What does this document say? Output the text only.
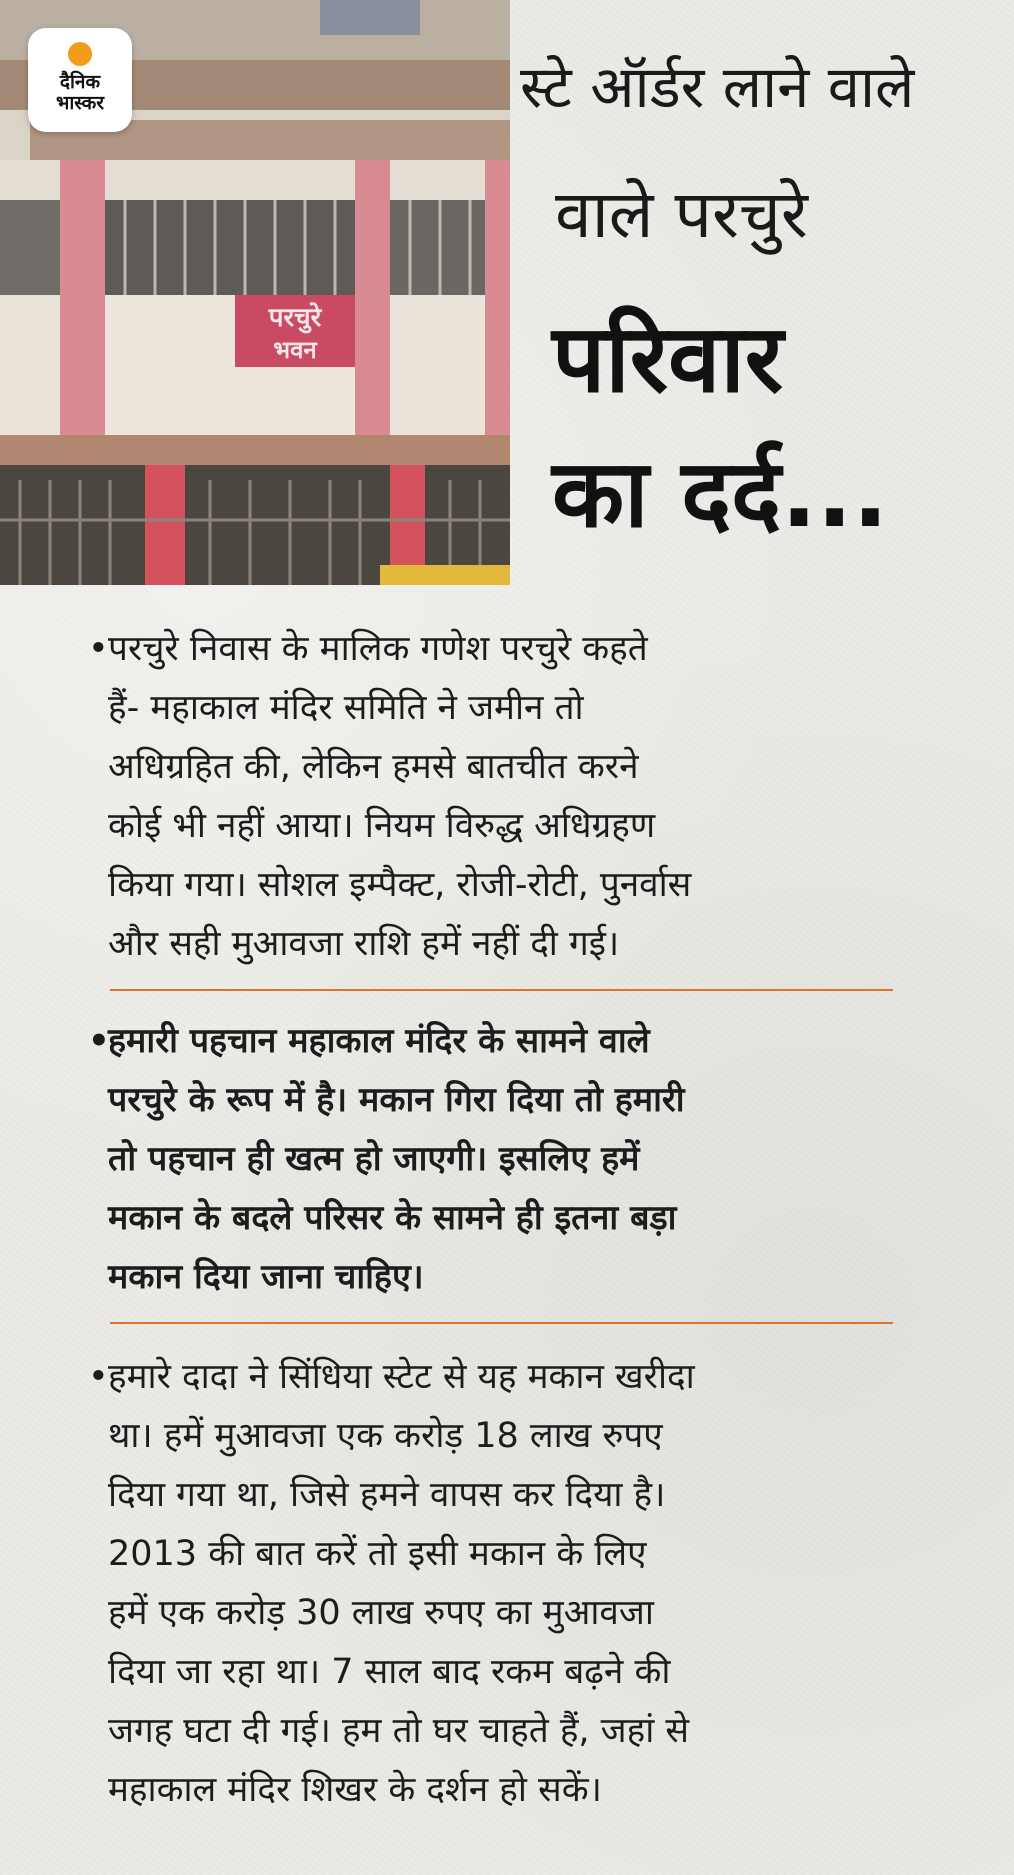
परचुरे
भवन
दैनिक
भास्कर	स्टे ऑर्डर लाने वाले
वाले परचुरे
परिवार
का दर्द...
• परचुरे निवास के मालिक गणेश परचुरे कहते
हैं- महाकाल मंदिर समिति ने जमीन तो
अधिग्रहित की, लेकिन हमसे बातचीत करने
कोई भी नहीं आया। नियम विरुद्ध अधिग्रहण
किया गया। सोशल इम्पैक्ट, रोजी-रोटी, पुनर्वास
और सही मुआवजा राशि हमें नहीं दी गई।
•
हमारी पहचान महाकाल मंदिर के सामने वाले
परचुरे के रूप में है। मकान गिरा दिया तो हमारी
तो पहचान ही खत्म हो जाएगी। इसलिए हमें
मकान के बदले परिसर के सामने ही इतना बड़ा
मकान दिया जाना चाहिए।
• हमारे दादा ने सिंधिया स्टेट से यह मकान खरीदा
था। हमें मुआवजा एक करोड़ 18 लाख रुपए
दिया गया था, जिसे हमने वापस कर दिया है।
2013 की बात करें तो इसी मकान के लिए
हमें एक करोड़ 30 लाख रुपए का मुआवजा
दिया जा रहा था। 7 साल बाद रकम बढ़ने की
जगह घटा दी गई। हम तो घर चाहते हैं, जहां से
महाकाल मंदिर शिखर के दर्शन हो सकें।
